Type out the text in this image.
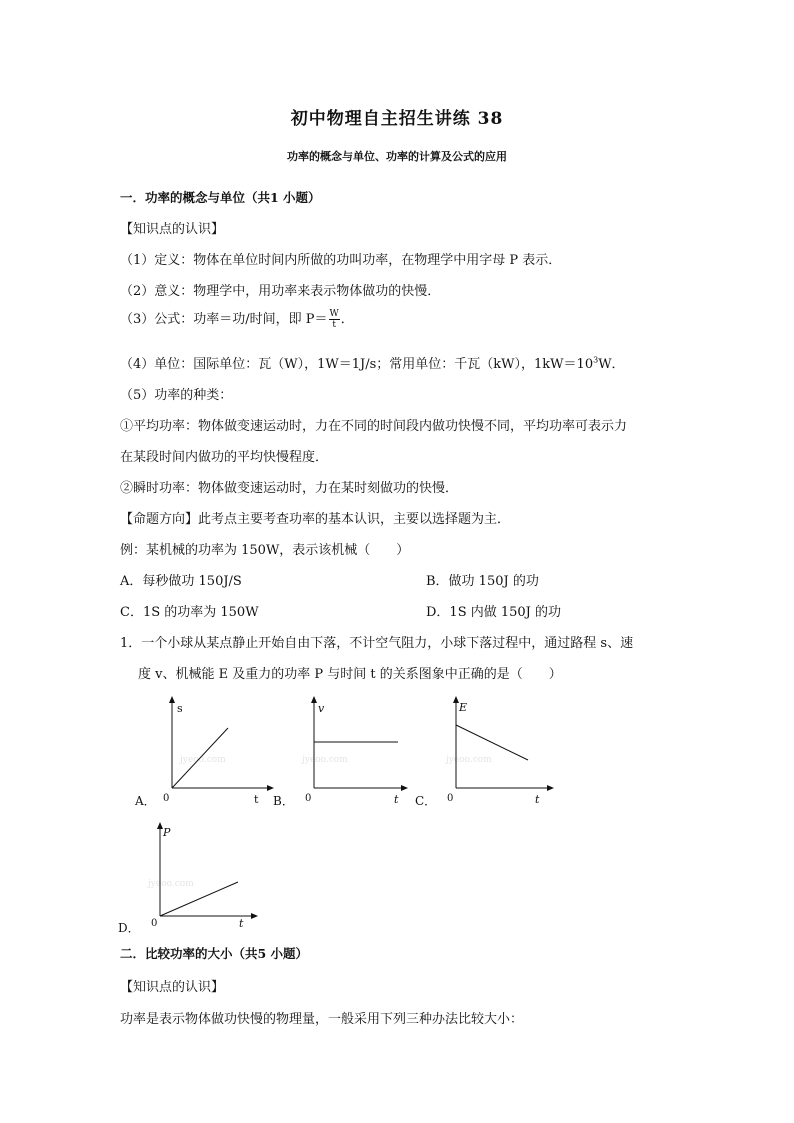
初中物理自主招生讲练 38
功率的概念与单位、功率的计算及公式的应用
一．功率的概念与单位（共1 小题）
【知识点的认识】
（1）定义：物体在单位时间内所做的功叫功率，在物理学中用字母 P 表示．
（2）意义：物理学中，用功率来表示物体做功的快慢．
（3）公式：功率＝功/时间，即 $P= \frac{W}{t}$ ．
（4）单位：国际单位：瓦（W），1W＝1J/s；常用单位：千瓦（kW），$1kW=10^3W$．
（5）功率的种类：
①平均功率：物体做变速运动时，力在不同的时间段内做功快慢不同，平均功率可表示力
在某段时间内做功的平均快慢程度．
②瞬时功率：物体做变速运动时，力在某时刻做功的快慢．
【命题方向】此考点主要考查功率的基本认识，主要以选择题为主．
例：某机械的功率为 150W，表示该机械（　　）
A．每秒做功 150J/S	B．做功 150J 的功
C．1S 的功率为 150W	D．1S 内做 150J 的功
1．一个小球从某点静止开始自由下落，不计空气阻力，小球下落过程中，通过路程 s、速
度 v、机械能 E 及重力的功率 P 与时间 t 的关系图象中正确的是（　　）
jyeoo.com
s
t
0
A．
jyeoo.com
v
t
0
B．
jyeoo.com
E
t
0
C．
jyeoo.com
P
t
0
D．
二．比较功率的大小（共5 小题）
【知识点的认识】
功率是表示物体做功快慢的物理量，一般采用下列三种办法比较大小：
